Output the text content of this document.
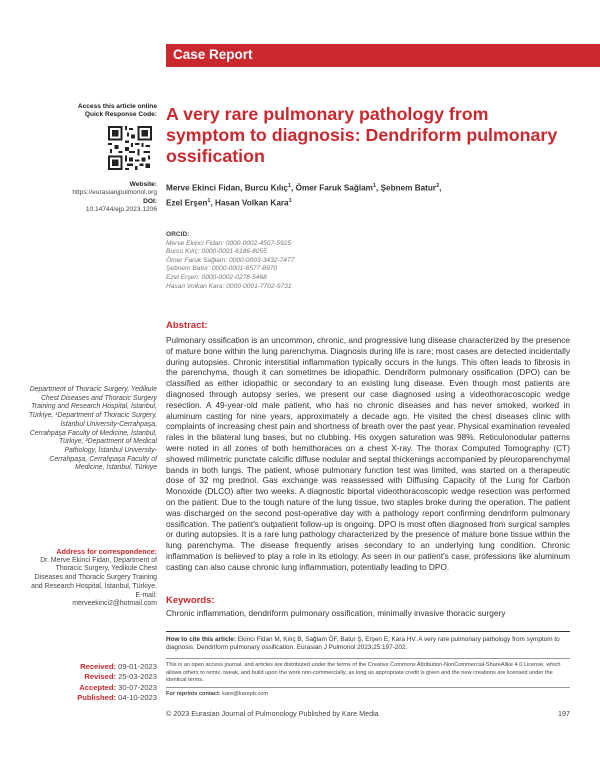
Case Report
Access this article online
Quick Response Code:
Website:
https://eurasianjpulmonol.org
DOI:
10.14744/ejp.2023.1206
Department of Thoracic Surgery, Yedikule Chest Diseases and Thoracic Surgery Training and Research Hospital, İstanbul, Türkiye, ¹Department of Thoracic Surgery, İstanbul University-Cerrahpaşa, Cerrahpaşa Faculty of Medicine, İstanbul, Türkiye, ²Department of Medical Pathology, İstanbul University-Cerrahpaşa, Cerrahpaşa Faculty of Medicine, İstanbul, Türkiye
Address for correspondence:
Dr. Merve Ekinci Fidan, Department of Thoracic Surgery, Yedikule Chest Diseases and Thoracic Surgery Training and Research Hospital, İstanbul, Türkiye.
E-mail:
merveekinci2@hotmail.com
Received: 09-01-2023
Revised: 25-03-2023
Accepted: 30-07-2023
Published: 04-10-2023
A very rare pulmonary pathology from symptom to diagnosis: Dendriform pulmonary ossification
Merve Ekinci Fidan, Burcu Kılıç$^1$, Ömer Faruk Sağlam$^1$, Şebnem Batur$^2$,
Ezel Erşen$^1$, Hasan Volkan Kara$^1$
ORCID:
Merve Ekinci Fidan: 0000-0002-4507-5925
Burcu Kılıç: 0000-0001-6186-8055
Ömer Faruk Sağlam: 0000-0003-3432-7477
Şebnem Batur: 0000-0001-6577-8970
Ezel Erşen: 0000-0002-0278-5468
Hasan Volkan Kara: 0000-0001-7702-9731
Abstract:

Pulmonary ossification is an uncommon, chronic, and progressive lung disease characterized by the presence of mature bone within the lung parenchyma. Diagnosis during life is rare; most cases are detected incidentally during autopsies. Chronic interstitial inflammation typically occurs in the lungs. This often leads to fibrosis in the parenchyma, though it can sometimes be idiopathic. Dendriform pulmonary ossification (DPO) can be classified as either idiopathic or secondary to an existing lung disease. Even though most patients are diagnosed through autopsy series, we present our case diagnosed using a videothoracoscopic wedge resection. A 49-year-old male patient, who has no chronic diseases and has never smoked, worked in aluminum casting for nine years, approximately a decade ago. He visited the chest diseases clinic with complaints of increasing chest pain and shortness of breath over the past year. Physical examination revealed rales in the bilateral lung bases, but no clubbing. His oxygen saturation was 98%. Reticulonodular patterns were noted in all zones of both hemithoraces on a chest X-ray. The thorax Computed Tomography (CT) showed milimetric punctate calcific diffuse nodular and septal thickenings accompanied by pleuroparenchymal bands in both lungs. The patient, whose pulmonary function test was limited, was started on a therapeutic dose of 32 mg prednol. Gas exchange was reassessed with Diffusing Capacity of the Lung for Carbon Monoxide (DLCO) after two weeks. A diagnostic biportal videothoracoscopic wedge resection was performed on the patient. Due to the tough nature of the lung tissue, two staples broke during the operation. The patient was discharged on the second post-operative day with a pathology report confirming dendriform pulmonary ossification. The patient's outpatient follow-up is ongoing. DPO is most often diagnosed from surgical samples or during autopsies. It is a rare lung pathology characterized by the presence of mature bone tissue within the lung parenchyma. The disease frequently arises secondary to an underlying lung condition. Chronic inflammation is believed to play a role in its etiology. As seen in our patient's case, professions like aluminum casting can also cause chronic lung inflammation, potentially leading to DPO.

Keywords:

Chronic inflammation, dendriform pulmonary ossification, minimally invasive thoracic surgery

How to cite this article: Ekinci Fidan M, Kılıç B, Sağlam ÖF, Batur Ş, Erşen E, Kara HV. A very rare pulmonary pathology from symptom to diagnosis: Dendriform pulmonary ossification. Eurasian J Pulmonol 2023;25:197-202.
This is an open access journal, and articles are distributed under the terms of the Creative Commons Attribution-NonCommercial-ShareAlike 4.0 License, which allows others to remix, tweak, and build upon the work non-commercially, as long as appropriate credit is given and the new creations are licensed under the identical terms.
For reprints contact: kare@karepb.com
© 2023 Eurasian Journal of Pulmonology Published by Kare Media	197
